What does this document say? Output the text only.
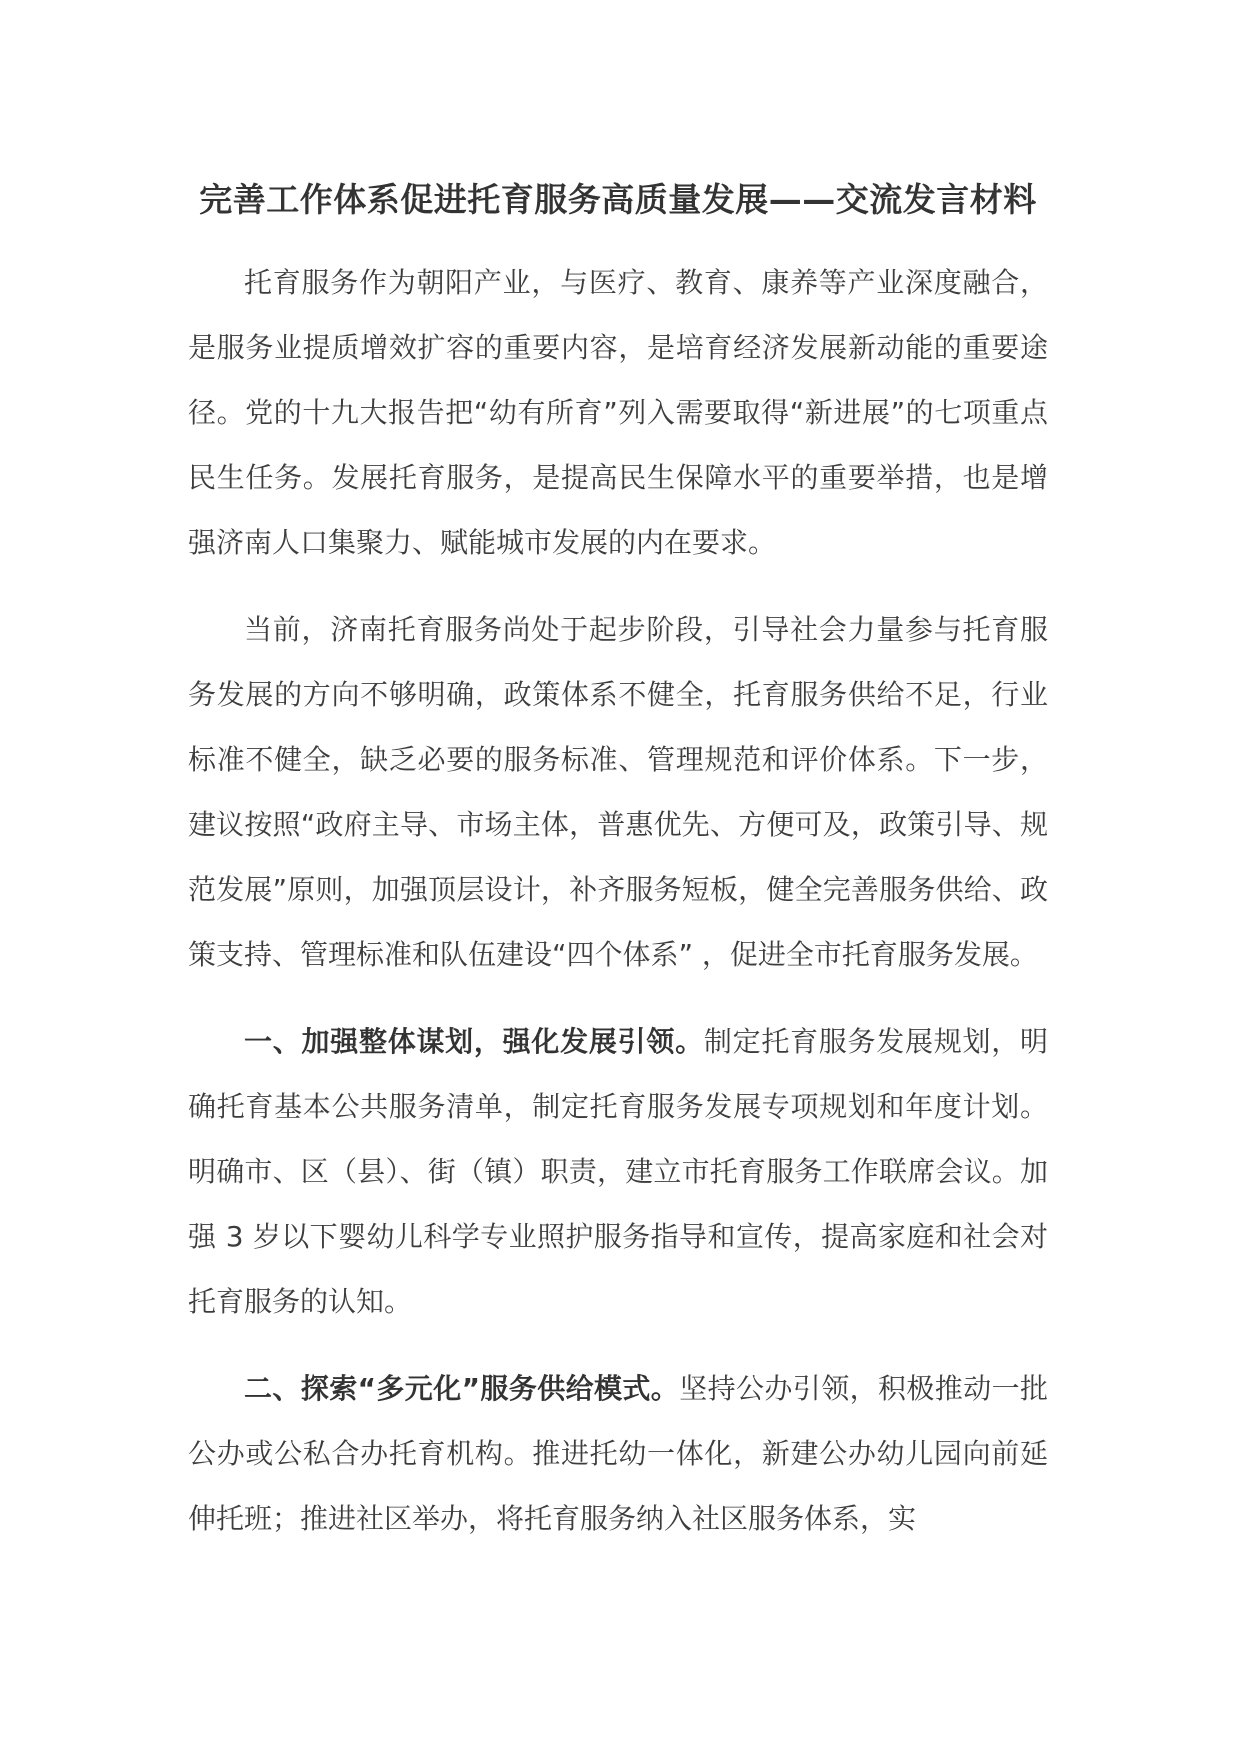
完善工作体系促进托育服务高质量发展——交流发言材料

托育服务作为朝阳产业，与医疗、教育、康养等产业深度融合，是服务业提质增效扩容的重要内容，是培育经济发展新动能的重要途径。党的十九大报告把“幼有所育”列入需要取得“新进展”的七项重点民生任务。发展托育服务，是提高民生保障水平的重要举措，也是增强济南人口集聚力、赋能城市发展的内在要求。

当前，济南托育服务尚处于起步阶段，引导社会力量参与托育服务发展的方向不够明确，政策体系不健全，托育服务供给不足，行业标准不健全，缺乏必要的服务标准、管理规范和评价体系。下一步，建议按照“政府主导、市场主体，普惠优先、方便可及，政策引导、规范发展”原则，加强顶层设计，补齐服务短板，健全完善服务供给、政策支持、管理标准和队伍建设“四个体系” ，促进全市托育服务发展。

一、加强整体谋划，强化发展引领。制定托育服务发展规划，明确托育基本公共服务清单，制定托育服务发展专项规划和年度计划。明确市、区（县）、街（镇）职责，建立市托育服务工作联席会议。加强 3 岁以下婴幼儿科学专业照护服务指导和宣传，提高家庭和社会对托育服务的认知。

二、探索“多元化”服务供给模式。坚持公办引领，积极推动一批公办或公私合办托育机构。推进托幼一体化，新建公办幼儿园向前延伸托班；推进社区举办，将托育服务纳入社区服务体系，实
